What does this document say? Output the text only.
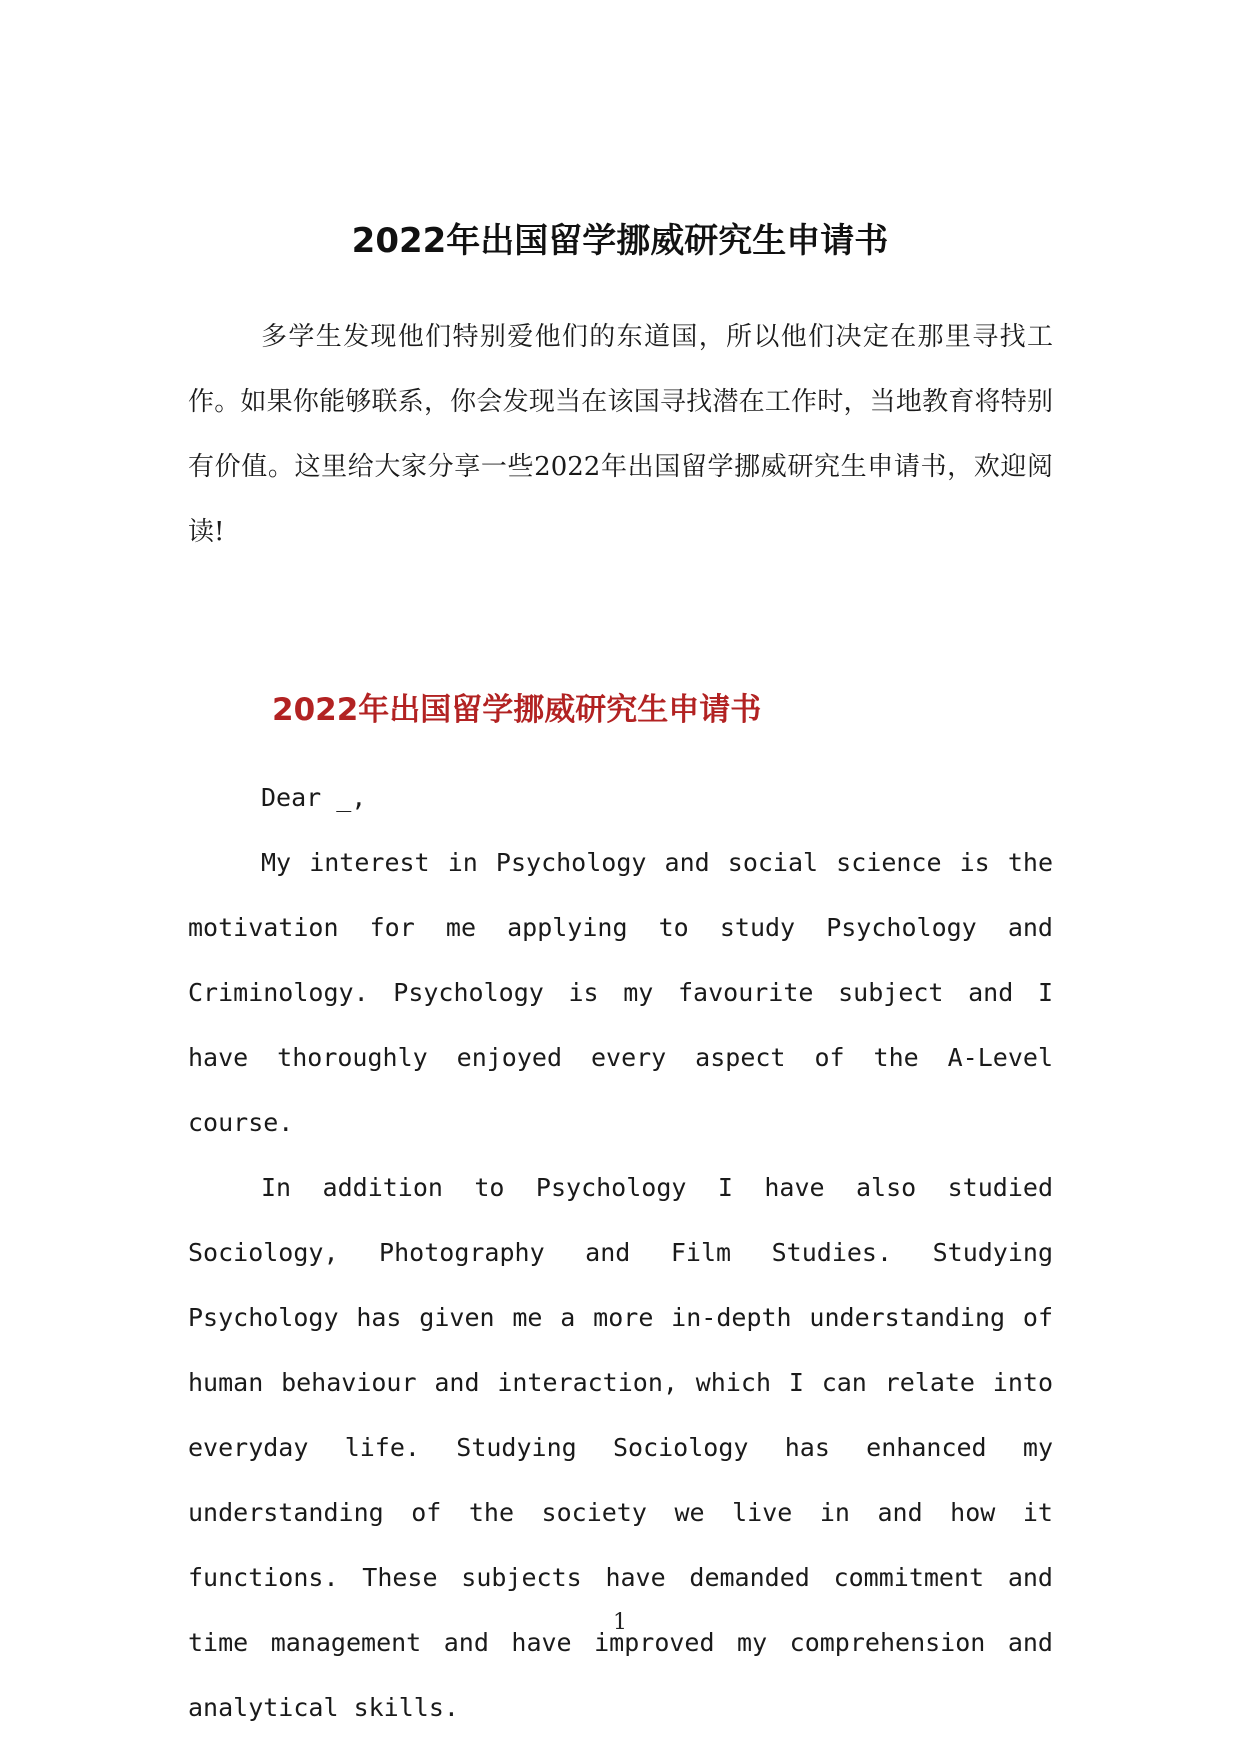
2022年出国留学挪威研究生申请书

多学生发现他们特别爱他们的东道国，所以他们决定在那里寻找工作。如果你能够联系，你会发现当在该国寻找潜在工作时，当地教育将特别有价值。这里给大家分享一些2022年出国留学挪威研究生申请书，欢迎阅读!

2022年出国留学挪威研究生申请书

Dear _,

My interest in Psychology and social science is the motivation for me applying to study Psychology and Criminology. Psychology is my favourite subject and I have thoroughly enjoyed every aspect of the A-Level course.

In addition to Psychology I have also studied Sociology, Photography and Film Studies. Studying Psychology has given me a more in-depth understanding of human behaviour and interaction, which I can relate into everyday life. Studying Sociology has enhanced my understanding of the society we live in and how it functions. These subjects have demanded commitment and time management and have improved my comprehension and analytical skills.

1
